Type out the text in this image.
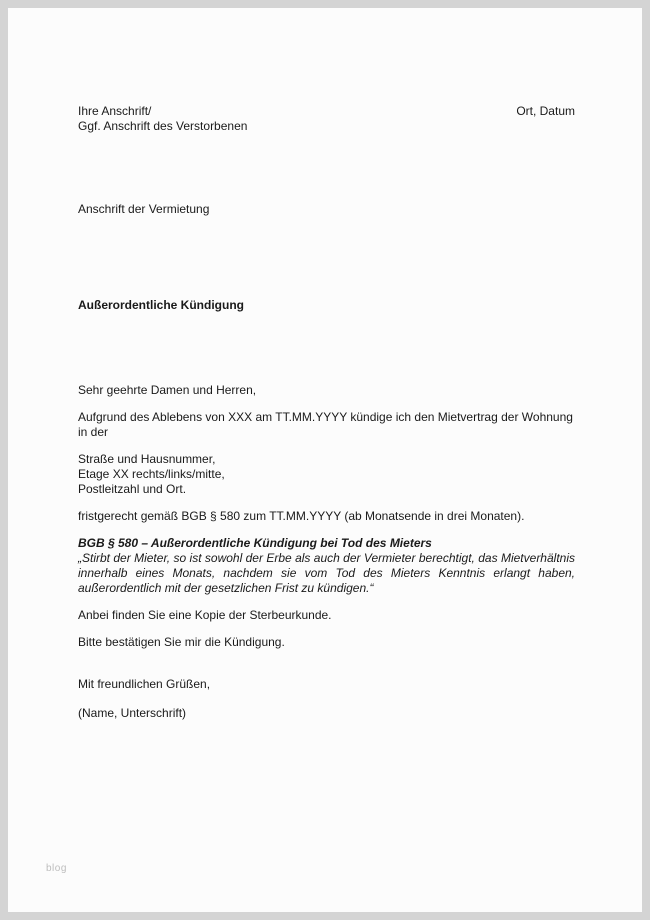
Ihre Anschrift/
Ggf. Anschrift des Verstorbenen
Ort, Datum
Anschrift der Vermietung
Außerordentliche Kündigung
Sehr geehrte Damen und Herren,
Aufgrund des Ablebens von XXX am TT.MM.YYYY kündige ich den Mietvertrag der Wohnung in der
Straße und Hausnummer,
Etage XX rechts/links/mitte,
Postleitzahl und Ort.
fristgerecht gemäß BGB § 580 zum TT.MM.YYYY (ab Monatsende in drei Monaten).
BGB § 580 – Außerordentliche Kündigung bei Tod des Mieters
„Stirbt der Mieter, so ist sowohl der Erbe als auch der Vermieter berechtigt, das Mietverhältnis innerhalb eines Monats, nachdem sie vom Tod des Mieters Kenntnis erlangt haben, außerordentlich mit der gesetzlichen Frist zu kündigen.“
Anbei finden Sie eine Kopie der Sterbeurkunde.
Bitte bestätigen Sie mir die Kündigung.
Mit freundlichen Grüßen,
(Name, Unterschrift)
blog
